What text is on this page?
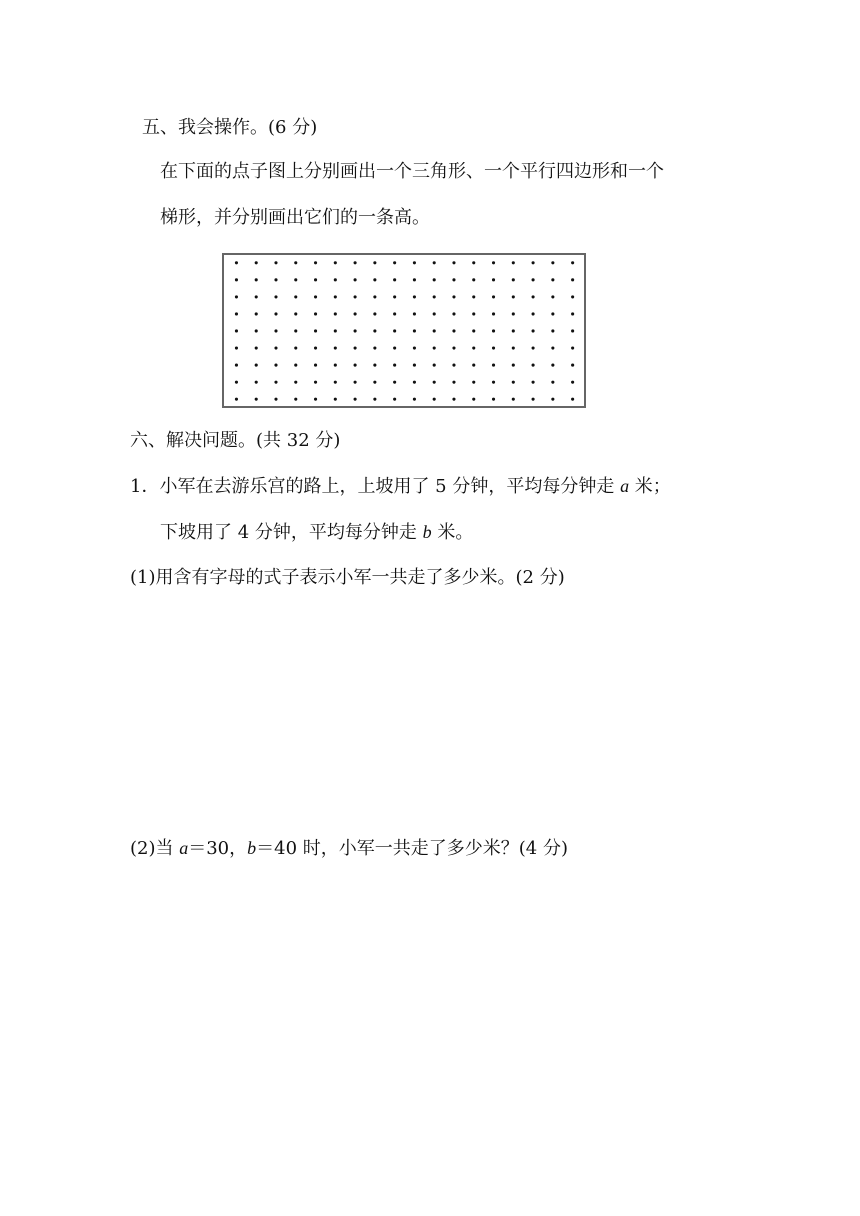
五、我会操作。(6 分)
在下面的点子图上分别画出一个三角形、一个平行四边形和一个
梯形，并分别画出它们的一条高。
六、解决问题。(共 32 分)
1．小军在去游乐宫的路上，上坡用了 5 分钟，平均每分钟走 a 米；
下坡用了 4 分钟，平均每分钟走 b 米。
(1)用含有字母的式子表示小军一共走了多少米。(2 分)
(2)当 a＝30，b＝40 时，小军一共走了多少米？(4 分)
